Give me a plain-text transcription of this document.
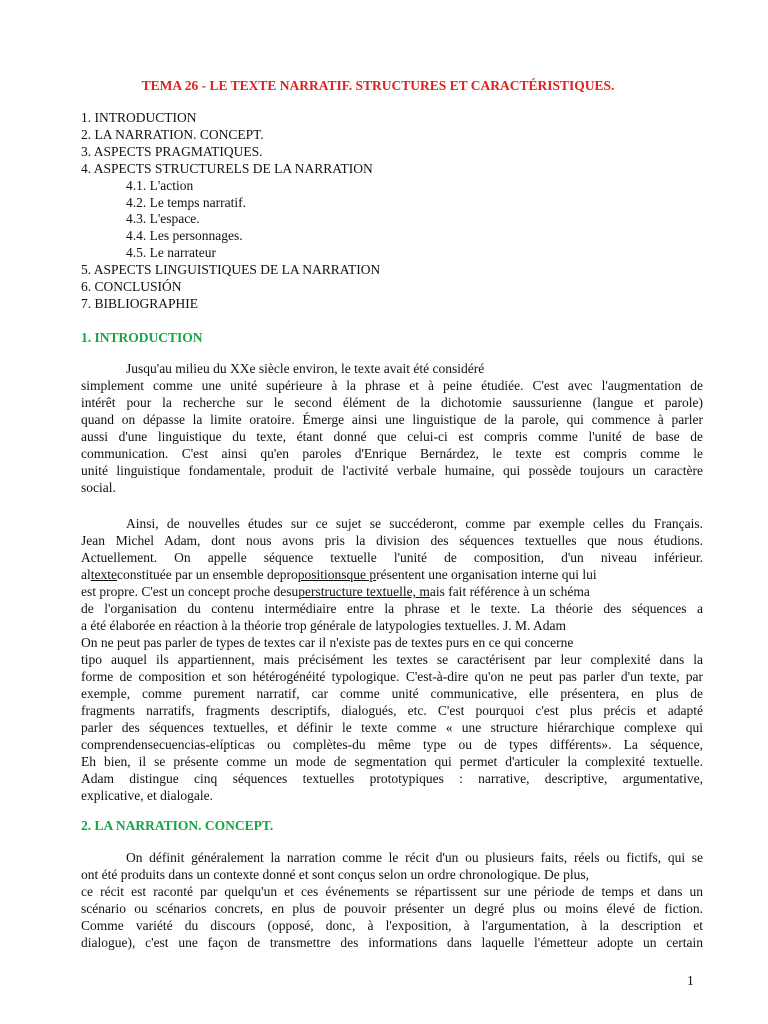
TEMA 26 - LE TEXTE NARRATIF. STRUCTURES ET CARACTÉRISTIQUES.
1. INTRODUCTION
2. LA NARRATION. CONCEPT.
3. ASPECTS PRAGMATIQUES.
4. ASPECTS STRUCTURELS DE LA NARRATION
4.1. L'action
4.2. Le temps narratif.
4.3. L'espace.
4.4. Les personnages.
4.5. Le narrateur
5. ASPECTS LINGUISTIQUES DE LA NARRATION
6. CONCLUSIÓN
7. BIBLIOGRAPHIE
1. INTRODUCTION
Jusqu'au milieu du XXe siècle environ, le texte avait été considéré
simplement comme une unité supérieure à la phrase et à peine étudiée. C'est avec l'augmentation de
intérêt pour la recherche sur le second élément de la dichotomie saussurienne (langue et parole)
quand on dépasse la limite oratoire. Émerge ainsi une linguistique de la parole, qui commence à parler
aussi d'une linguistique du texte, étant donné que celui-ci est compris comme l'unité de base de
communication. C'est ainsi qu'en paroles d'Enrique Bernárdez, le texte est compris comme le
unité linguistique fondamentale, produit de l'activité verbale humaine, qui possède toujours un caractère
social.
Ainsi, de nouvelles études sur ce sujet se succéderont, comme par exemple celles du Français.
Jean Michel Adam, dont nous avons pris la division des séquences textuelles que nous étudions.
Actuellement. On appelle séquence textuelle l'unité de composition, d'un niveau inférieur.
altexteconstituée par un ensemble depropositionsque présentent une organisation interne qui lui
est propre. C'est un concept proche desuperstructure textuelle, mais fait référence à un schéma
de l'organisation du contenu intermédiaire entre la phrase et le texte. La théorie des séquences a
a été élaborée en réaction à la théorie trop générale de latypologies textuelles. J. M. Adam
On ne peut pas parler de types de textes car il n'existe pas de textes purs en ce qui concerne
tipo auquel ils appartiennent, mais précisément les textes se caractérisent par leur complexité dans la
forme de composition et son hétérogénéité typologique. C'est-à-dire qu'on ne peut pas parler d'un texte, par
exemple, comme purement narratif, car comme unité communicative, elle présentera, en plus de
fragments narratifs, fragments descriptifs, dialogués, etc. C'est pourquoi c'est plus précis et adapté
parler des séquences textuelles, et définir le texte comme « une structure hiérarchique complexe qui
comprendensecuencias-elípticas ou complètes-du même type ou de types différents». La séquence,
Eh bien, il se présente comme un mode de segmentation qui permet d'articuler la complexité textuelle.
Adam distingue cinq séquences textuelles prototypiques : narrative, descriptive, argumentative,
explicative, et dialogale.
2. LA NARRATION. CONCEPT.
On définit généralement la narration comme le récit d'un ou plusieurs faits, réels ou fictifs, qui se
ont été produits dans un contexte donné et sont conçus selon un ordre chronologique. De plus,
ce récit est raconté par quelqu'un et ces événements se répartissent sur une période de temps et dans un
scénario ou scénarios concrets, en plus de pouvoir présenter un degré plus ou moins élevé de fiction.
Comme variété du discours (opposé, donc, à l'exposition, à l'argumentation, à la description et
dialogue), c'est une façon de transmettre des informations dans laquelle l'émetteur adopte un certain
1
